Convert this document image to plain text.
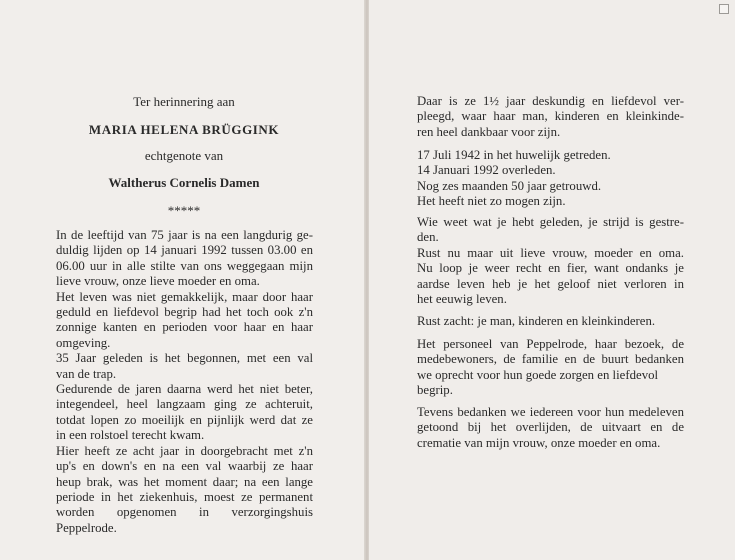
Ter herinnering aan
MARIA HELENA BRÜGGINK
echtgenote van
Waltherus Cornelis Damen
*****
In de leeftijd van 75 jaar is na een langdurig ge-
duldig lijden op 14 januari 1992 tussen 03.00 en
06.00 uur in alle stilte van ons weggegaan mijn
lieve vrouw, onze lieve moeder en oma.
Het leven was niet gemakkelijk, maar door haar
geduld en liefdevol begrip had het toch ook z'n
zonnige kanten en perioden voor haar en haar
omgeving.
35 Jaar geleden is het begonnen, met een val
van de trap.
Gedurende de jaren daarna werd het niet beter,
integendeel, heel langzaam ging ze achteruit,
totdat lopen zo moeilijk en pijnlijk werd dat ze
in een rolstoel terecht kwam.
Hier heeft ze acht jaar in doorgebracht met z'n
up's en down's en na een val waarbij ze haar
heup brak, was het moment daar; na een lange
periode in het ziekenhuis, moest ze permanent
worden opgenomen in verzorgingshuis Peppelrode.
Daar is ze 1½ jaar deskundig en liefdevol ver-
pleegd, waar haar man, kinderen en kleinkinde-
ren heel dankbaar voor zijn.
17 Juli 1942 in het huwelijk getreden.
14 Januari 1992 overleden.
Nog zes maanden 50 jaar getrouwd.
Het heeft niet zo mogen zijn.
Wie weet wat je hebt geleden, je strijd is gestre-
den.
Rust nu maar uit lieve vrouw, moeder en oma.
Nu loop je weer recht en fier, want ondanks je
aardse leven heb je het geloof niet verloren in
het eeuwig leven.
Rust zacht: je man, kinderen en kleinkinderen.
Het personeel van Peppelrode, haar bezoek, de
medebewoners, de familie en de buurt bedanken
we oprecht voor hun goede zorgen en liefdevol
begrip.
Tevens bedanken we iedereen voor hun medeleven
getoond bij het overlijden, de uitvaart en de
crematie van mijn vrouw, onze moeder en oma.
